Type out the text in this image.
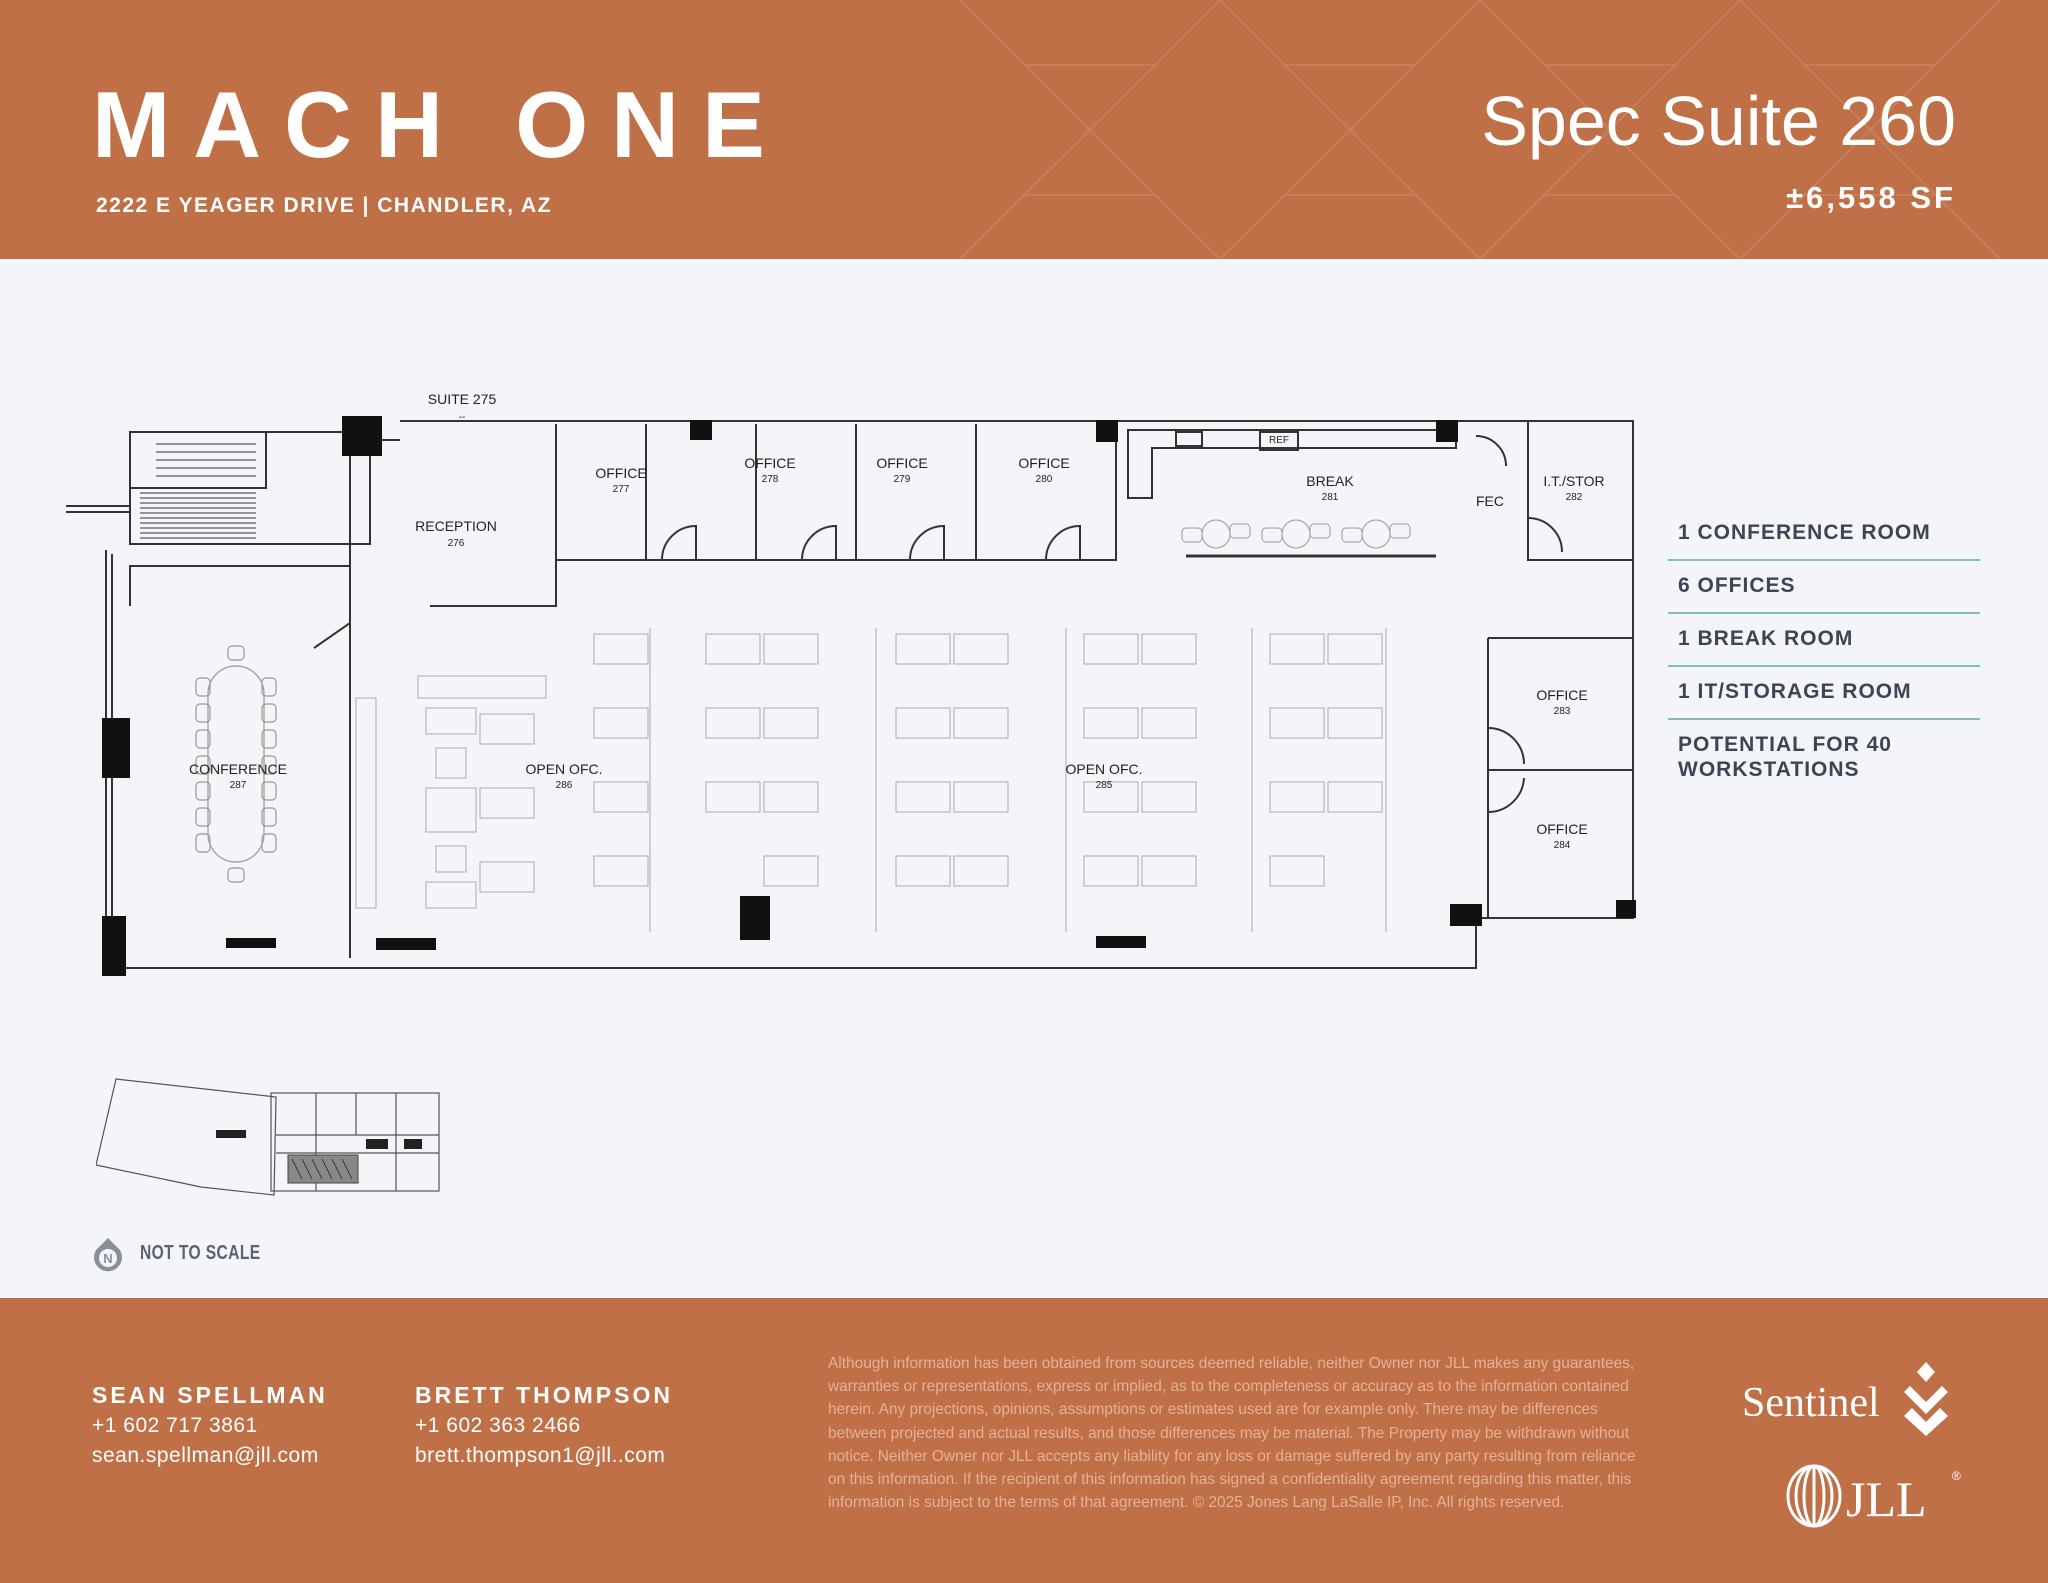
MACH ONE
2222 E YEAGER DRIVE | CHANDLER, AZ
Spec Suite 260
±6,558 SF
SUITE 275
--
RECEPTION
276
OFFICE
277
OFFICE
278
OFFICE
279
OFFICE
280	BREAK
281
I.T./STOR
282
OFFICE
283
OFFICE
284
OPEN OFC.
285
OPEN OFC.
286
CONFERENCE
287
FEC
REF
1 CONFERENCE ROOM
6 OFFICES
1 BREAK ROOM
1 IT/STORAGE ROOM
POTENTIAL FOR 40 WORKSTATIONS
N NOT TO SCALE
SEAN SPELLMAN
+1 602 717 3861
sean.spellman@jll.com
BRETT THOMPSON
+1 602 363 2466
brett.thompson1@jll..com
Although information has been obtained from sources deemed reliable, neither Owner nor JLL makes any guarantees, warranties or representations, express or implied, as to the completeness or accuracy as to the information contained herein. Any projections, opinions, assumptions or estimates used are for example only. There may be differences between projected and actual results, and those differences may be material. The Property may be withdrawn without notice. Neither Owner nor JLL accepts any liability for any loss or damage suffered by any party resulting from reliance on this information. If the recipient of this information has signed a confidentiality agreement regarding this matter, this information is subject to the terms of that agreement. © 2025 Jones Lang LaSalle IP, Inc. All rights reserved.
Sentinel
JLL ®
